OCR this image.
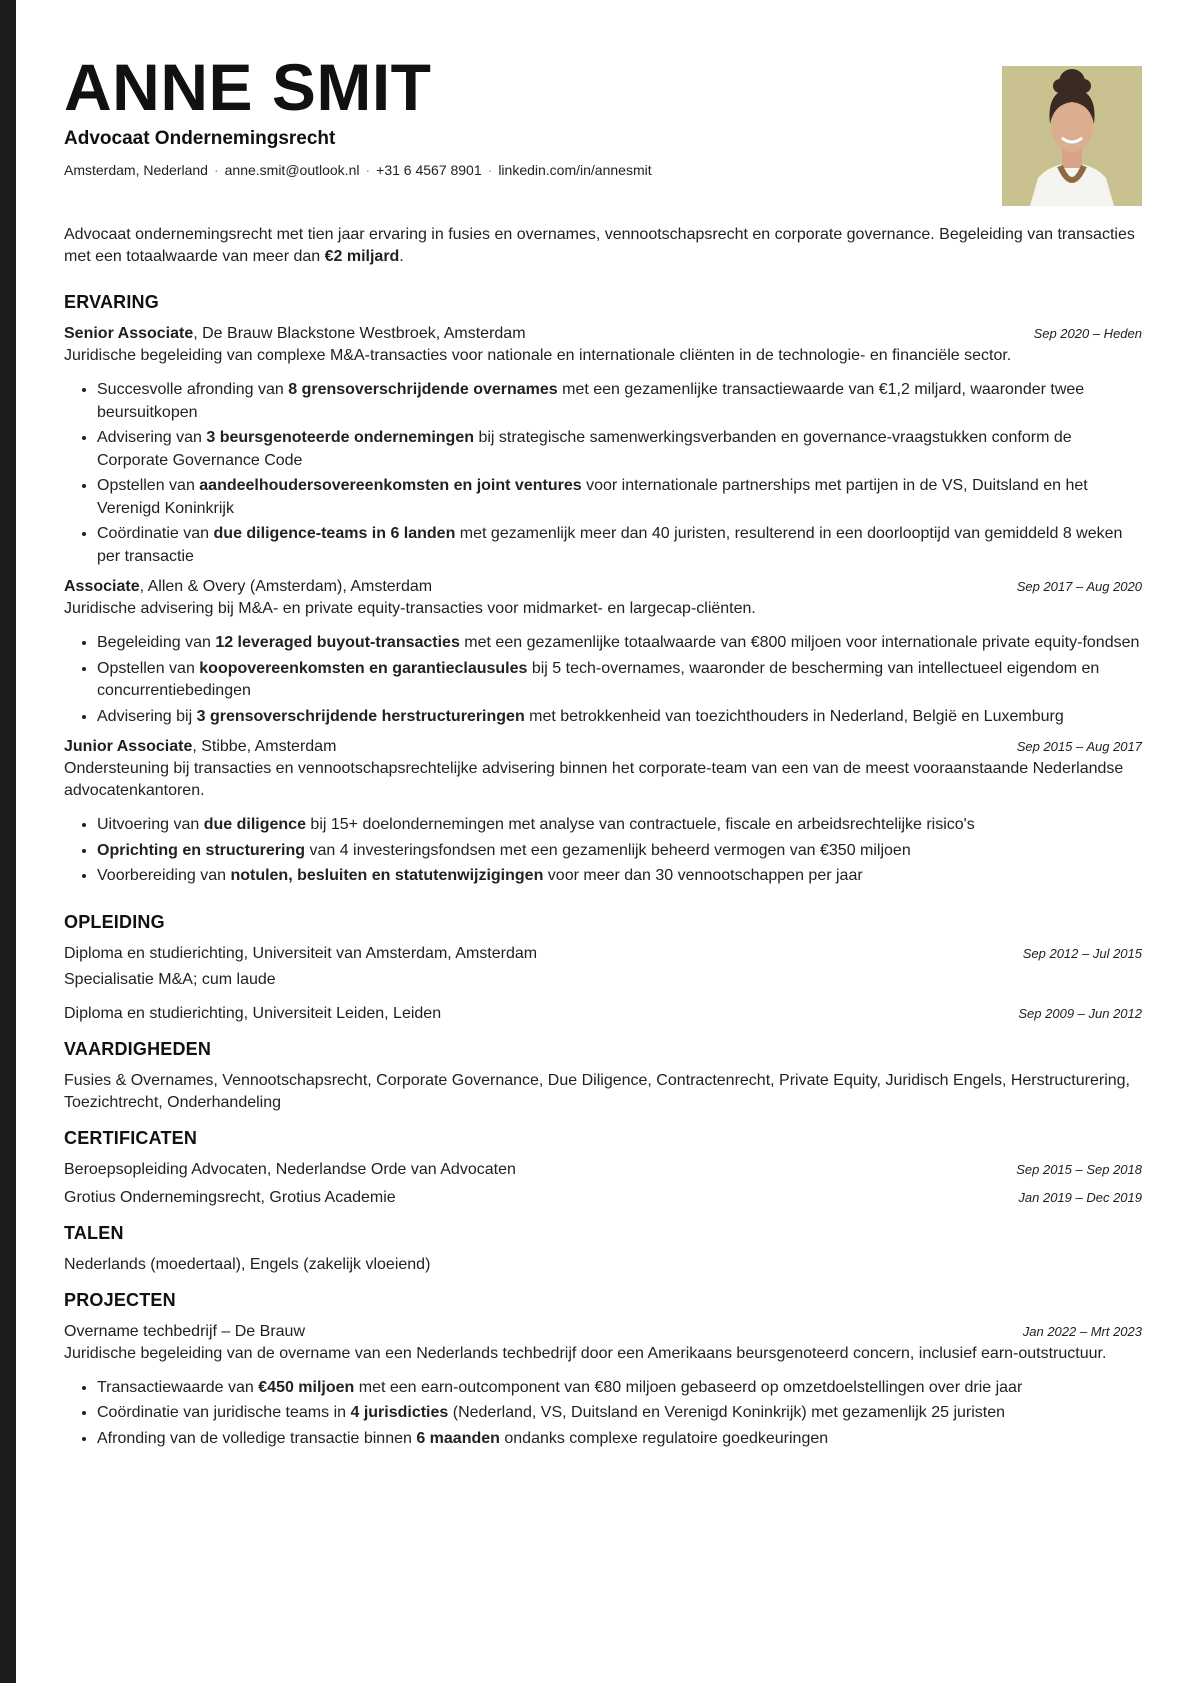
ANNE SMIT
Advocaat Ondernemingsrecht
Amsterdam, Nederland · anne.smit@outlook.nl · +31 6 4567 8901 · linkedin.com/in/annesmit
Advocaat ondernemingsrecht met tien jaar ervaring in fusies en overnames, vennootschapsrecht en corporate governance. Begeleiding van transacties met een totaalwaarde van meer dan €2 miljard.
ERVARING
Senior Associate, De Brauw Blackstone Westbroek, Amsterdam	Sep 2020 – Heden
Juridische begeleiding van complexe M&A-transacties voor nationale en internationale cliënten in de technologie- en financiële sector.
• Succesvolle afronding van 8 grensoverschrijdende overnames met een gezamenlijke transactiewaarde van €1,2 miljard, waaronder twee beursuitkopen
• Advisering van 3 beursgenoteerde ondernemingen bij strategische samenwerkingsverbanden en governance-vraagstukken conform de Corporate Governance Code
• Opstellen van aandeelhoudersovereenkomsten en joint ventures voor internationale partnerships met partijen in de VS, Duitsland en het Verenigd Koninkrijk
• Coördinatie van due diligence-teams in 6 landen met gezamenlijk meer dan 40 juristen, resulterend in een doorlooptijd van gemiddeld 8 weken per transactie
Associate, Allen & Overy (Amsterdam), Amsterdam	Sep 2017 – Aug 2020
Juridische advisering bij M&A- en private equity-transacties voor midmarket- en largecap-cliënten.
• Begeleiding van 12 leveraged buyout-transacties met een gezamenlijke totaalwaarde van €800 miljoen voor internationale private equity-fondsen
• Opstellen van koopovereenkomsten en garantieclausules bij 5 tech-overnames, waaronder de bescherming van intellectueel eigendom en concurrentiebedingen
• Advisering bij 3 grensoverschrijdende herstructureringen met betrokkenheid van toezichthouders in Nederland, België en Luxemburg
Junior Associate, Stibbe, Amsterdam	Sep 2015 – Aug 2017
Ondersteuning bij transacties en vennootschapsrechtelijke advisering binnen het corporate-team van een van de meest vooraanstaande Nederlandse advocatenkantoren.
• Uitvoering van due diligence bij 15+ doelondernemingen met analyse van contractuele, fiscale en arbeidsrechtelijke risico's
• Oprichting en structurering van 4 investeringsfondsen met een gezamenlijk beheerd vermogen van €350 miljoen
• Voorbereiding van notulen, besluiten en statutenwijzigingen voor meer dan 30 vennootschappen per jaar
OPLEIDING
Diploma en studierichting, Universiteit van Amsterdam, Amsterdam	Sep 2012 – Jul 2015
Specialisatie M&A; cum laude
Diploma en studierichting, Universiteit Leiden, Leiden	Sep 2009 – Jun 2012
VAARDIGHEDEN
Fusies & Overnames, Vennootschapsrecht, Corporate Governance, Due Diligence, Contractenrecht, Private Equity, Juridisch Engels, Herstructurering, Toezichtrecht, Onderhandeling
CERTIFICATEN
Beroepsopleiding Advocaten, Nederlandse Orde van Advocaten	Sep 2015 – Sep 2018
Grotius Ondernemingsrecht, Grotius Academie	Jan 2019 – Dec 2019
TALEN
Nederlands (moedertaal), Engels (zakelijk vloeiend)
PROJECTEN
Overname techbedrijf – De Brauw	Jan 2022 – Mrt 2023
Juridische begeleiding van de overname van een Nederlands techbedrijf door een Amerikaans beursgenoteerd concern, inclusief earn-outstructuur.
• Transactiewaarde van €450 miljoen met een earn-outcomponent van €80 miljoen gebaseerd op omzetdoelstellingen over drie jaar
• Coördinatie van juridische teams in 4 jurisdicties (Nederland, VS, Duitsland en Verenigd Koninkrijk) met gezamenlijk 25 juristen
• Afronding van de volledige transactie binnen 6 maanden ondanks complexe regulatoire goedkeuringen
